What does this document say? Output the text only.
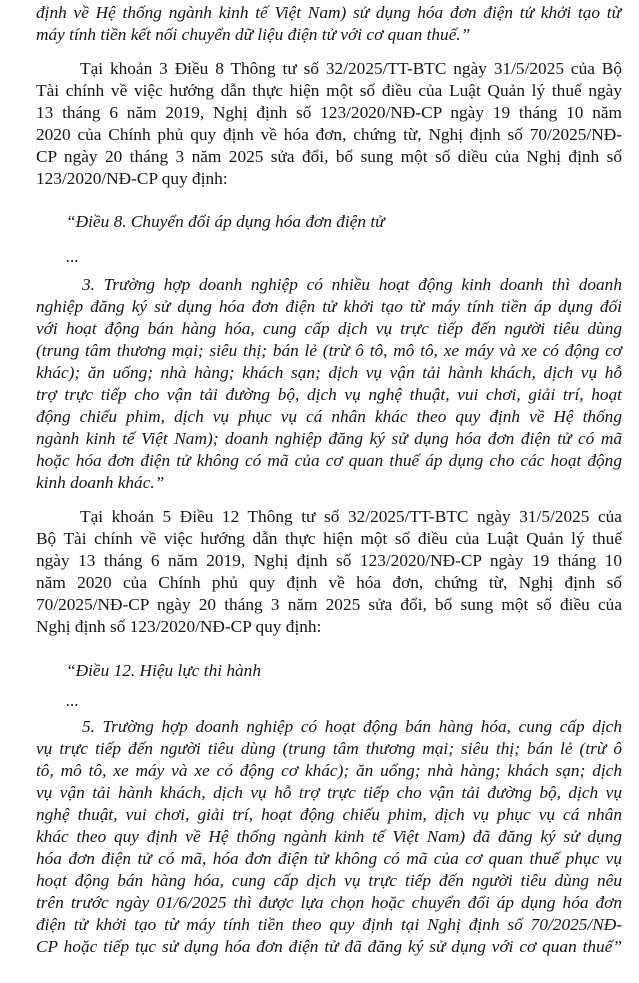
định về Hệ thống ngành kinh tế Việt Nam) sử dụng hóa đơn điện tử khởi tạo từ
máy tính tiền kết nối chuyển dữ liệu điện tử với cơ quan thuế.”
Tại khoản 3 Điều 8 Thông tư số 32/2025/TT-BTC ngày 31/5/2025 của Bộ
Tài chính về việc hướng dẫn thực hiện một số điều của Luật Quản lý thuế ngày
13 tháng 6 năm 2019, Nghị định số 123/2020/NĐ-CP ngày 19 tháng 10 năm
2020 của Chính phủ quy định về hóa đơn, chứng từ, Nghị định số 70/2025/NĐ-
CP ngày 20 tháng 3 năm 2025 sửa đổi, bổ sung một số diều của Nghị định số
123/2020/NĐ-CP quy định:
“Điều 8. Chuyển đổi áp dụng hóa đơn điện tử
...
3. Trường hợp doanh nghiệp có nhiều hoạt động kinh doanh thì doanh
nghiệp đăng ký sử dụng hóa đơn điện tử khởi tạo từ máy tính tiền áp dụng đối
với hoạt động bán hàng hóa, cung cấp dịch vụ trực tiếp đến người tiêu dùng
(trung tâm thương mại; siêu thị; bán lẻ (trừ ô tô, mô tô, xe máy và xe có động cơ
khác); ăn uống; nhà hàng; khách sạn; dịch vụ vận tải hành khách, dịch vụ hỗ
trợ trực tiếp cho vận tải đường bộ, dịch vụ nghệ thuật, vui chơi, giải trí, hoạt
động chiếu phim, dịch vụ phục vụ cá nhân khác theo quy định về Hệ thống
ngành kinh tế Việt Nam); doanh nghiệp đăng ký sử dụng hóa đơn điện tử có mã
hoặc hóa đơn điện tử không có mã của cơ quan thuế áp dụng cho các hoạt động
kinh doanh khác.”
Tại khoản 5 Điều 12 Thông tư số 32/2025/TT-BTC ngày 31/5/2025 của
Bộ Tài chính về việc hướng dẫn thực hiện một số điều của Luật Quản lý thuế
ngày 13 tháng 6 năm 2019, Nghị định số 123/2020/NĐ-CP ngày 19 tháng 10
năm 2020 của Chính phủ quy định về hóa đơn, chứng từ, Nghị định số
70/2025/NĐ-CP ngày 20 tháng 3 năm 2025 sửa đổi, bổ sung một số điều của
Nghị định số 123/2020/NĐ-CP quy định:
“Điều 12. Hiệu lực thi hành
...
5. Trường hợp doanh nghiệp có hoạt động bán hàng hóa, cung cấp dịch
vụ trực tiếp đến người tiêu dùng (trung tâm thương mại; siêu thị; bán lẻ (trừ ô
tô, mô tô, xe máy và xe có động cơ khác); ăn uống; nhà hàng; khách sạn; dịch
vụ vận tải hành khách, dịch vụ hỗ trợ trực tiếp cho vận tải đường bộ, dịch vụ
nghệ thuật, vui chơi, giải trí, hoạt động chiếu phim, dịch vụ phục vụ cá nhân
khác theo quy định về Hệ thống ngành kinh tế Việt Nam) đã đăng ký sử dụng
hóa đơn điện tử có mã, hóa đơn điện tử không có mã của cơ quan thuế phục vụ
hoạt động bán hàng hóa, cung cấp dịch vụ trực tiếp đến người tiêu dùng nêu
trên trước ngày 01/6/2025 thì được lựa chọn hoặc chuyển đổi áp dụng hóa đơn
điện tử khởi tạo từ máy tính tiền theo quy định tại Nghị định số 70/2025/NĐ-
CP hoặc tiếp tục sử dụng hóa đơn điện tử đã đăng ký sử dụng với cơ quan thuế”
